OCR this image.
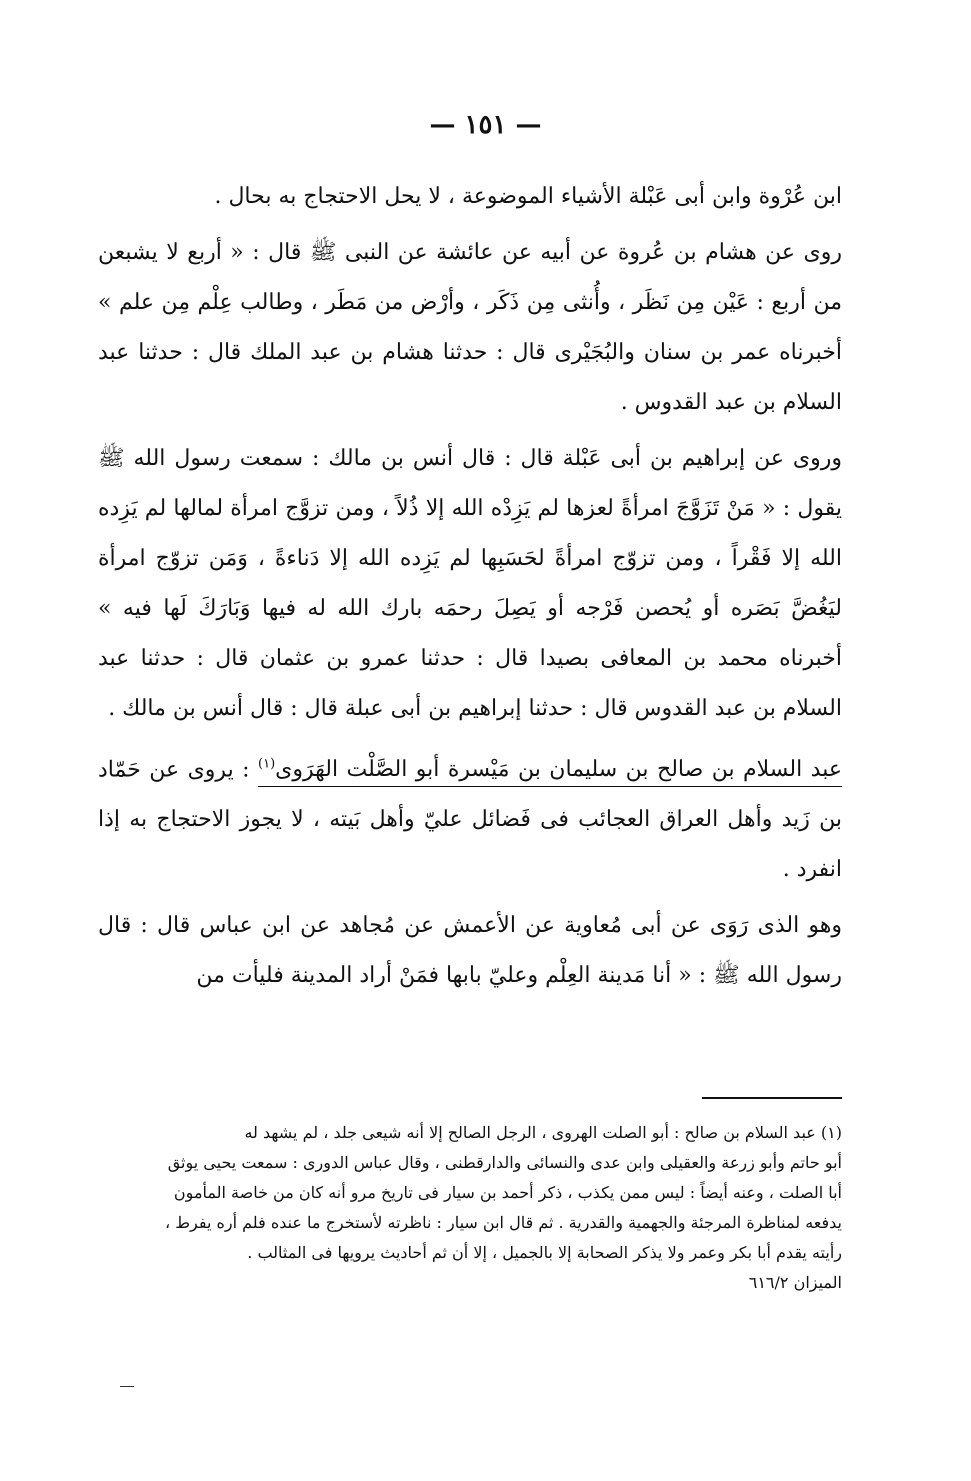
— ١٥١ —

ابن عُرْوة وابن أبى عَبْلة الأشياء الموضوعة ، لا يحل الاحتجاج به بحال .

روى عن هشام بن عُروة عن أبيه عن عائشة عن النبى ﷺ قال : « أربع لا يشبعن من أربع : عَيْن مِن نَظَر ، وأُنثى مِن ذَكَر ، وأرْض من مَطَر ، وطالب عِلْم مِن علم » أخبرناه عمر بن سنان والبُجَيْرى قال : حدثنا هشام بن عبد الملك قال : حدثنا عبد السلام بن عبد القدوس .

وروى عن إبراهيم بن أبى عَبْلة قال : قال أنس بن مالك : سمعت رسول الله ﷺ يقول : « مَنْ تَزَوَّجَ امرأةً لعزها لم يَزِدْه الله إلا ذُلاً ، ومن تزوَّج امرأة لمالها لم يَزِده الله إلا فَقْراً ، ومن تزوّج امرأةً لحَسَبِها لم يَزِده الله إلا دَناءةً ، وَمَن تزوّج امرأة ليَغُضَّ بَصَره أو يُحصن فَرْجه أو يَصِلَ رحمَه بارك الله له فيها وَبَارَكَ لَها فيه » أخبرناه محمد بن المعافى بصيدا قال : حدثنا عمرو بن عثمان قال : حدثنا عبد السلام بن عبد القدوس قال : حدثنا إبراهيم بن أبى عبلة قال : قال أنس بن مالك .

عبد السلام بن صالح بن سليمان بن مَيْسرة أبو الصَّلْت الهَرَوى$^{(١)}$ : يروى عن حَمّاد بن زَيد وأهل العراق العجائب فى فَضائل عليّ وأهل بَيته ، لا يجوز الاحتجاج به إذا انفرد .

وهو الذى رَوَى عن أبى مُعاوية عن الأعمش عن مُجاهد عن ابن عباس قال : قال رسول الله ﷺ : « أنا مَدينة العِلْم وعليّ بابها فمَنْ أراد المدينة فليأت من

(١) عبد السلام بن صالح : أبو الصلت الهروى ، الرجل الصالح إلا أنه شيعى جلد ، لم يشهد له

أبو حاتم وأبو زرعة والعقيلى وابن عدى والنسائى والدارقطنى ، وقال عباس الدورى : سمعت يحيى يوثق

أبا الصلت ، وعنه أيضاً : ليس ممن يكذب ، ذكر أحمد بن سيار فى تاريخ مرو أنه كان من خاصة المأمون

يدفعه لمناظرة المرجئة والجهمية والقدرية . ثم قال ابن سيار : ناظرته لأستخرج ما عنده فلم أره يفرط ،

رأيته يقدم أبا بكر وعمر ولا يذكر الصحابة إلا بالجميل ، إلا أن ثم أحاديث يرويها فى المثالب .

الميزان ٦١٦/٢
